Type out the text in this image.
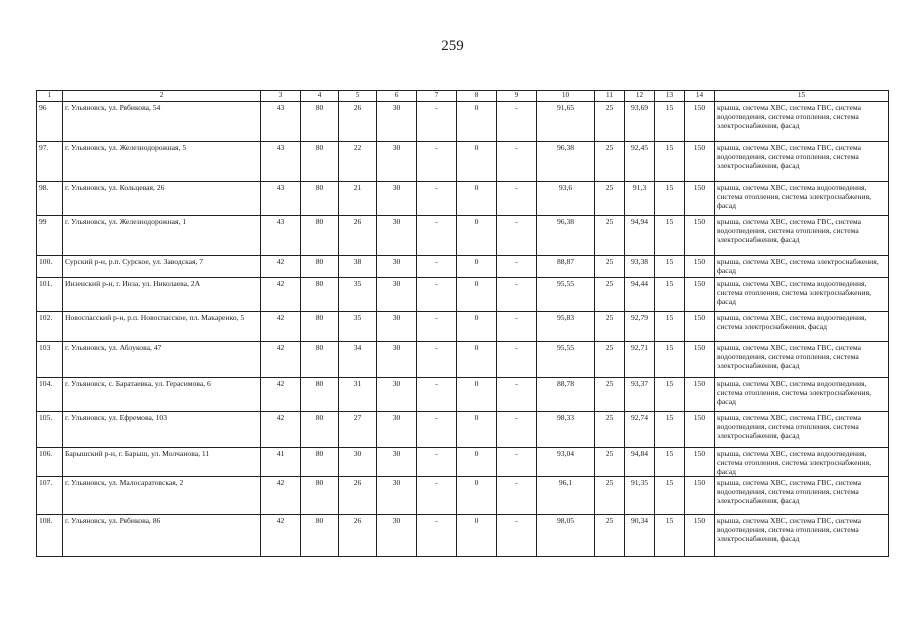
259
1	2	3	4	5	6	7	8	9	10	11	12	13	14	15
96	г. Ульяновск, ул. Рябикова, 54	43	80	26	30	-	0	-	91,65	25	93,69	15	150	крыша, система ХВС, система ГВС, система водоотведения, система отопления, система электроснабжения, фасад
97.	г. Ульяновск, ул. Железнодорожная, 5	43	80	22	30	-	0	-	96,38	25	92,45	15	150	крыша, система ХВС, система ГВС, система водоотведения, система отопления, система электроснабжения, фасад
98.	г. Ульяновск, ул. Кольцевая, 26	43	80	21	30	-	0	-	93,6	25	91,3	15	150	крыша, система ХВС, система водоотведения, система отопления, система электроснабжения, фасад
99	г. Ульяновск, ул. Железнодорожная, 1	43	80	26	30	-	0	-	96,38	25	94,94	15	150	крыша, система ХВС, система ГВС, система водоотведения, система отопления, система электроснабжения, фасад
100.	Сурский р-н, р.п. Сурское, ул. Заводская, 7	42	80	38	30	-	0	-	88,87	25	93,38	15	150	крыша, система ХВС, система электроснабжения, фасад
101.	Инзенский р-н, г. Инза, ул. Николаева, 2А	42	80	35	30	-	0	-	95,55	25	94,44	15	150	крыша, система ХВС, система водоотведения, система отопления, система электроснабжения, фасад
102.	Новоспасский р-н, р.п. Новоспасское, пл. Макаренко, 5	42	80	35	30	-	0	-	95,83	25	92,79	15	150	крыша, система ХВС, система водоотведения, система электроснабжения, фасад
103	г. Ульяновск, ул. Аблукова, 47	42	80	34	30	-	0	-	95,55	25	92,71	15	150	крыша, система ХВС, система ГВС, система водоотведения, система отопления, система электроснабжения, фасад
104.	г. Ульяновск, с. Баратаевка, ул. Герасимова, 6	42	80	31	30	-	0	-	88,78	25	93,37	15	150	крыша, система ХВС, система водоотведения, система отопления, система электроснабжения, фасад
105.	г. Ульяновск, ул. Ефремова, 103	42	80	27	30	-	0	-	98,33	25	92,74	15	150	крыша, система ХВС, система ГВС, система водоотведения, система отопления, система электроснабжения, фасад
106.	Барышский р-н, г. Барыш, ул. Молчанова, 11	41	80	30	30	-	0	-	93,04	25	94,84	15	150	крыша, система ХВС, система водоотведения, система отопления, система электроснабжения, фасад
107.	г. Ульяновск, ул. Малосаратовская, 2	42	80	26	30	-	0	-	96,1	25	91,35	15	150	крыша, система ХВС, система ГВС, система водоотведения, система отопления, система электроснабжения, фасад
108.	г. Ульяновск, ул. Рябикова, 86	42	80	26	30	-	0	-	98,05	25	90,34	15	150	крыша, система ХВС, система ГВС, система водоотведения, система отопления, система электроснабжения, фасад
